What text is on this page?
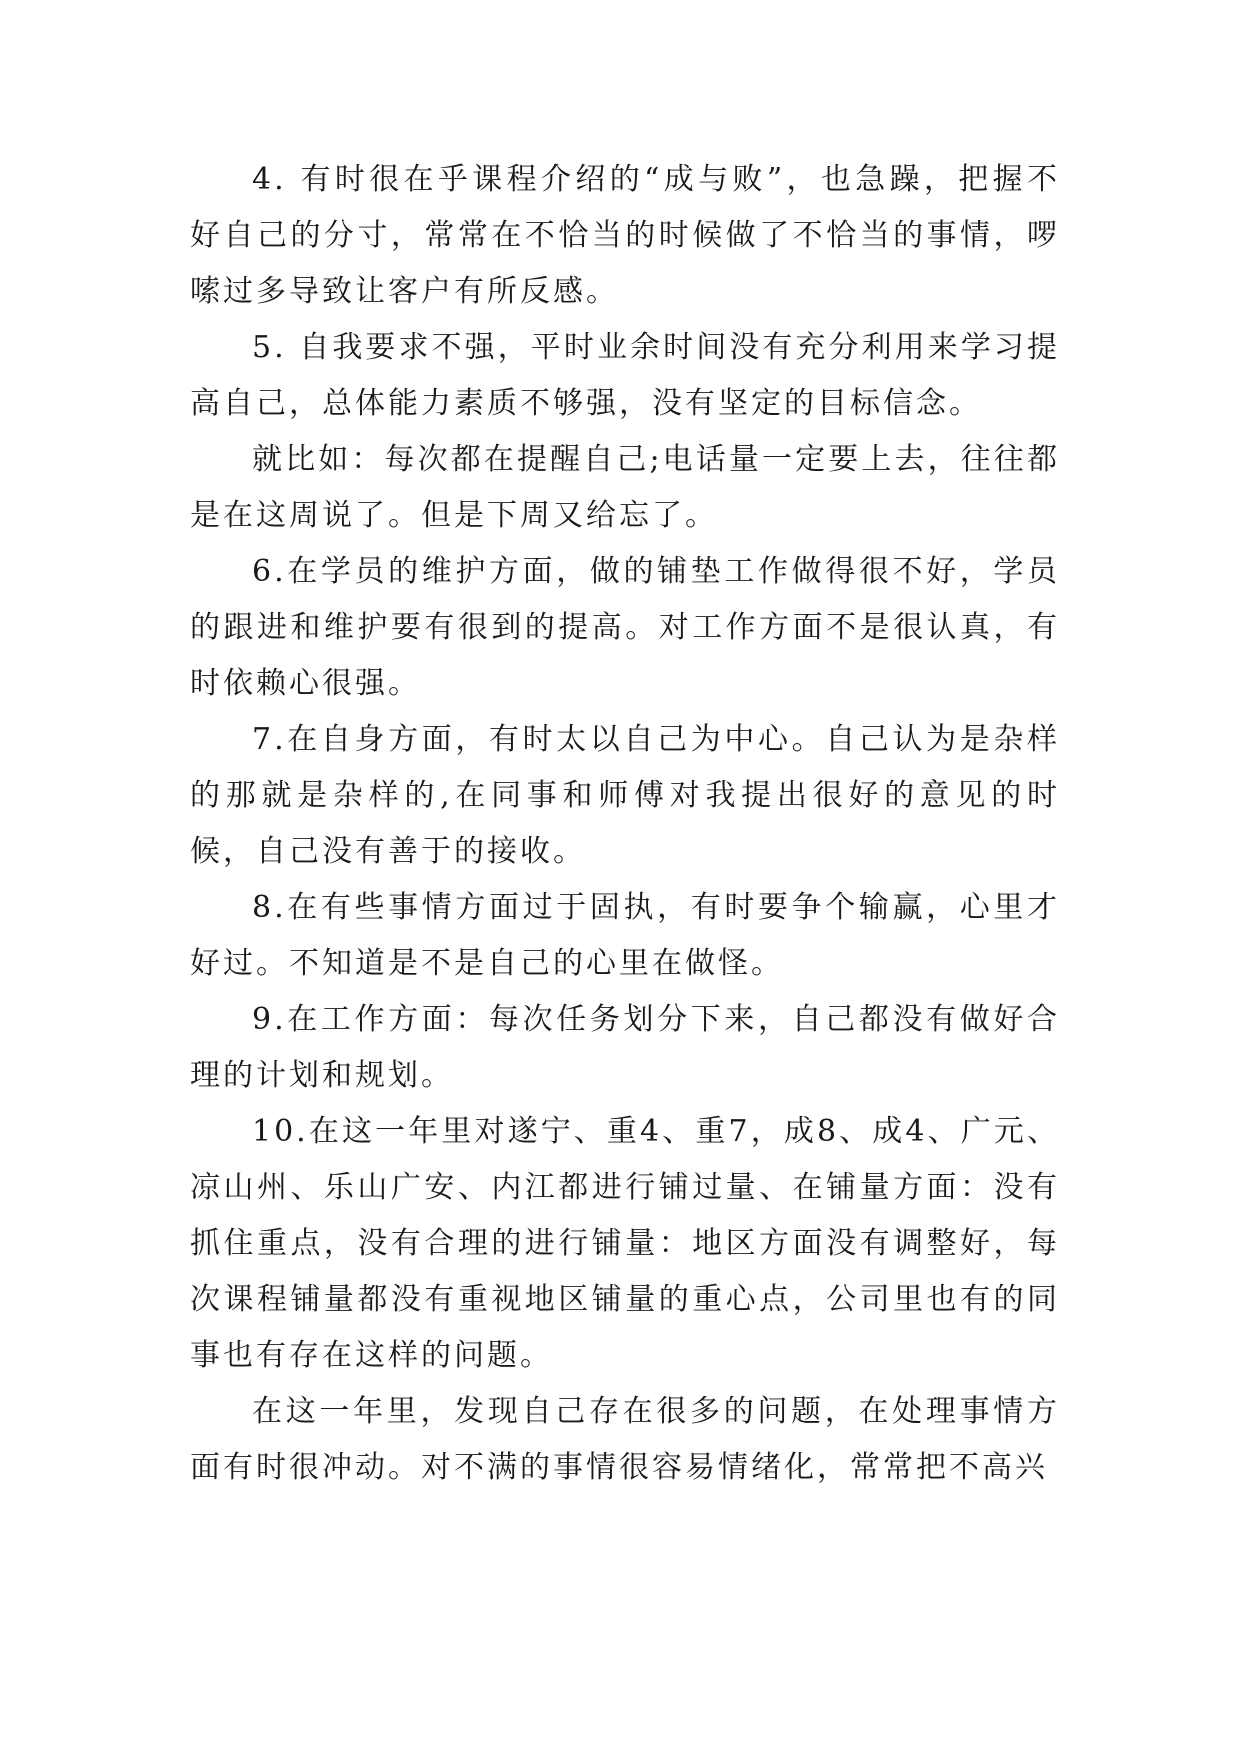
4. 有时很在乎课程介绍的“成与败”，也急躁，把握不好自己的分寸，常常在不恰当的时候做了不恰当的事情，啰嗦过多导致让客户有所反感。

5. 自我要求不强，平时业余时间没有充分利用来学习提高自己，总体能力素质不够强，没有坚定的目标信念。

就比如：每次都在提醒自己;电话量一定要上去，往往都是在这周说了。但是下周又给忘了。

6.在学员的维护方面，做的铺垫工作做得很不好，学员的跟进和维护要有很到的提高。对工作方面不是很认真，有时依赖心很强。

7.在自身方面，有时太以自己为中心。自己认为是杂样的那就是杂样的,在同事和师傅对我提出很好的意见的时候，自己没有善于的接收。

8.在有些事情方面过于固执，有时要争个输赢，心里才好过。不知道是不是自己的心里在做怪。

9.在工作方面：每次任务划分下来，自己都没有做好合理的计划和规划。

10.在这一年里对遂宁、重4、重7，成8、成4、广元、凉山州、乐山广安、内江都进行铺过量、在铺量方面：没有抓住重点，没有合理的进行铺量：地区方面没有调整好，每次课程铺量都没有重视地区铺量的重心点，公司里也有的同事也有存在这样的问题。

在这一年里，发现自己存在很多的问题，在处理事情方面有时很冲动。对不满的事情很容易情绪化，常常把不高兴
